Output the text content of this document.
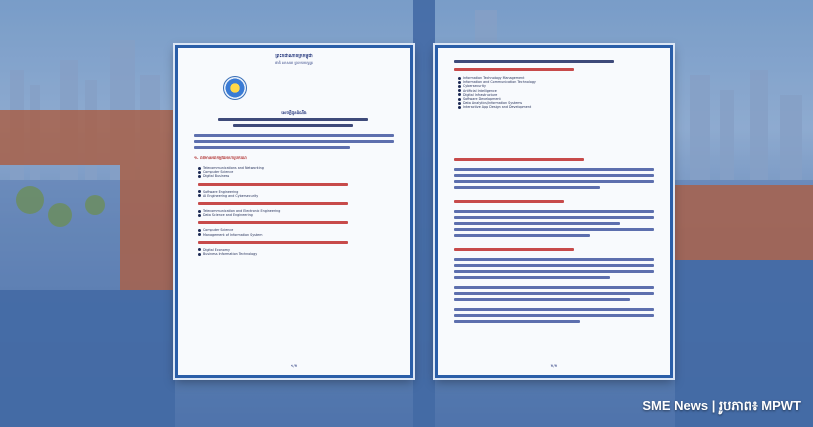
ព្រះរាជាណាចក្រកម្ពុជា
ជាតិ សាសនា ព្រះមហាក្សត្រ
សេចក្តីជូនដំណឹង
១. ព័ត៌មានអំពីកម្មវិធីអាហារូបករណ៍
Telecommunications and Networking
Computer Science
Digital Business
Software Engineering
AI Engineering and Cybersecurity
Telecommunication and Electronic Engineering
Data Science and Engineering
Computer Science
Management of Information System
Digital Economy
Business Information Technology
១/២
Information Technology Management
Information and Communication Technology
Cybersecurity
Artificial Intelligence
Digital Infrastructure
Software Development
Data Analytics/Information Systems
Interactive App Design and Development
២/២
SME News | រូបភាព៖ MPWT
